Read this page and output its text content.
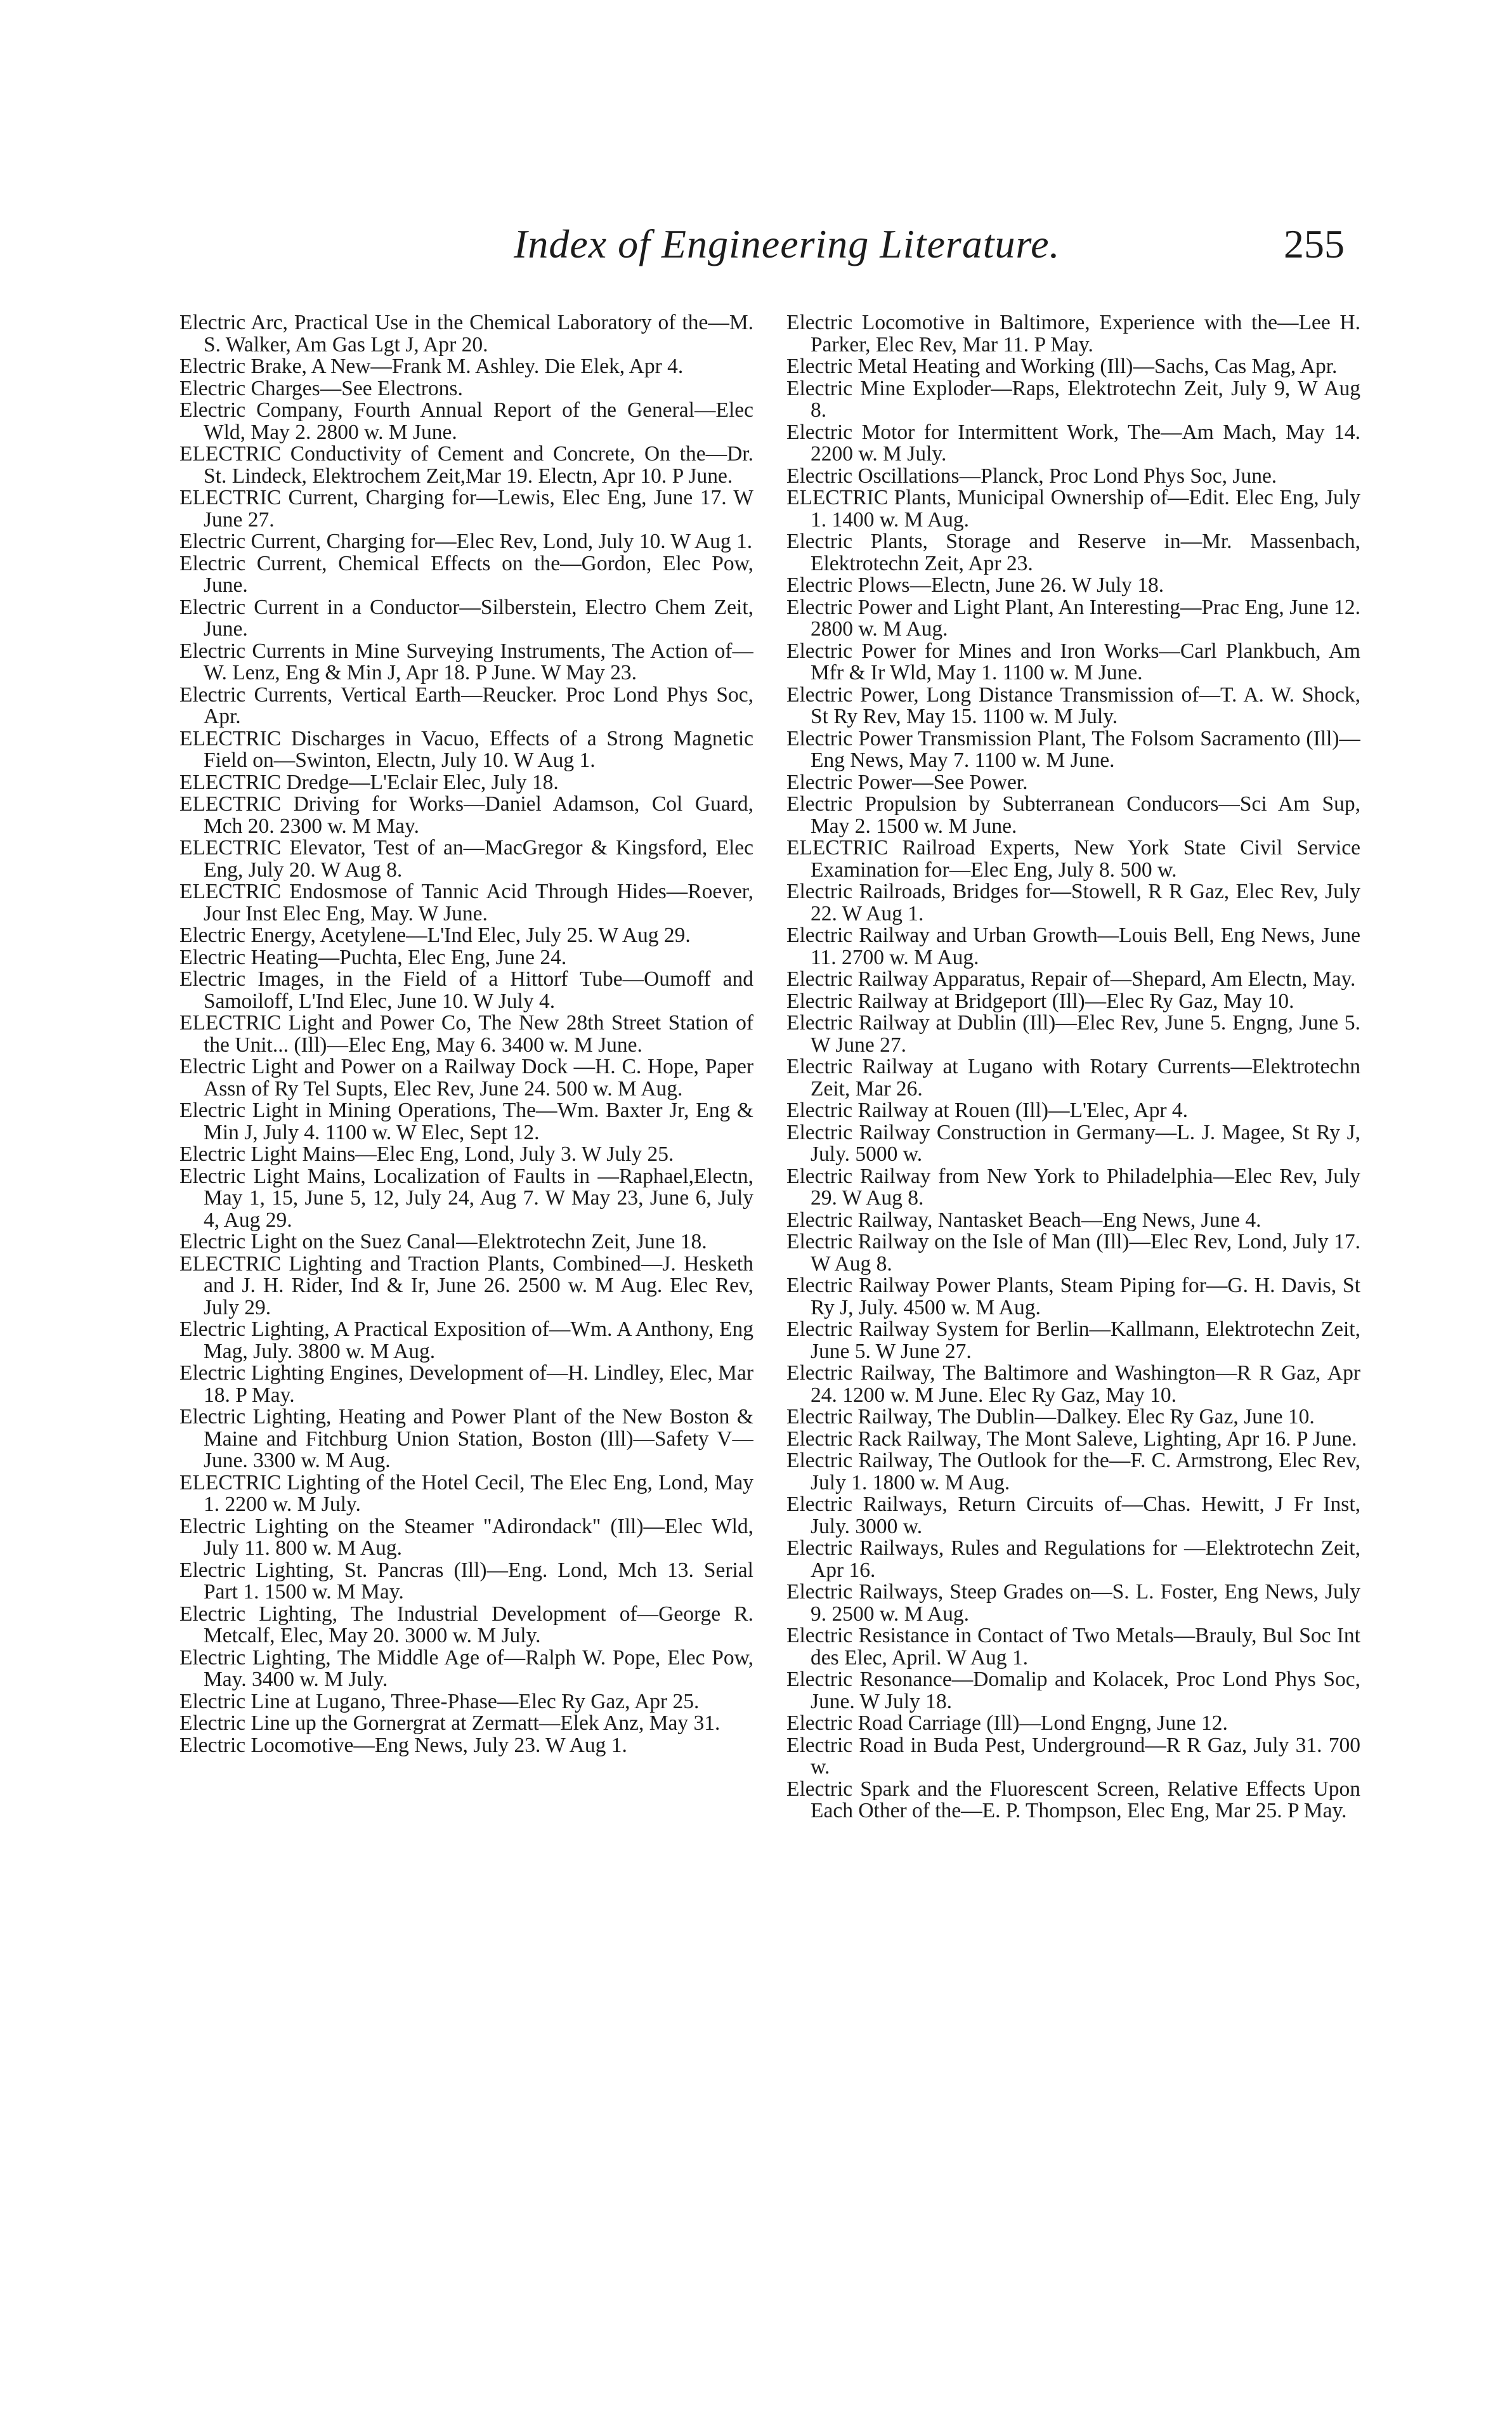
Index of Engineering Literature.	255

Electric Arc, Practical Use in the Chemical Laboratory of the—M. S. Walker, Am Gas Lgt J, Apr 20.

Electric Brake, A New—Frank M. Ashley. Die Elek, Apr 4.

Electric Charges—See Electrons.

Electric Company, Fourth Annual Report of the General—Elec Wld, May 2. 2800 w. M June.

ELECTRIC Conductivity of Cement and Concrete, On the—Dr. St. Lindeck, Elektrochem Zeit,Mar 19. Electn, Apr 10. P June.

ELECTRIC Current, Charging for—Lewis, Elec Eng, June 17. W June 27.

Electric Current, Charging for—Elec Rev, Lond, July 10. W Aug 1.

Electric Current, Chemical Effects on the—Gordon, Elec Pow, June.

Electric Current in a Conductor—Silberstein, Electro Chem Zeit, June.

Electric Currents in Mine Surveying Instruments, The Action of—W. Lenz, Eng & Min J, Apr 18. P June. W May 23.

Electric Currents, Vertical Earth—Reucker. Proc Lond Phys Soc, Apr.

ELECTRIC Discharges in Vacuo, Effects of a Strong Magnetic Field on—Swinton, Electn, July 10. W Aug 1.

ELECTRIC Dredge—L'Eclair Elec, July 18.

ELECTRIC Driving for Works—Daniel Adamson, Col Guard, Mch 20. 2300 w. M May.

ELECTRIC Elevator, Test of an—MacGregor & Kingsford, Elec Eng, July 20. W Aug 8.

ELECTRIC Endosmose of Tannic Acid Through Hides—Roever, Jour Inst Elec Eng, May. W June.

Electric Energy, Acetylene—L'Ind Elec, July 25. W Aug 29.

Electric Heating—Puchta, Elec Eng, June 24.

Electric Images, in the Field of a Hittorf Tube—Oumoff and Samoiloff, L'Ind Elec, June 10. W July 4.

ELECTRIC Light and Power Co, The New 28th Street Station of the Unit... (Ill)—Elec Eng, May 6. 3400 w. M June.

Electric Light and Power on a Railway Dock —H. C. Hope, Paper Assn of Ry Tel Supts, Elec Rev, June 24. 500 w. M Aug.

Electric Light in Mining Operations, The—Wm. Baxter Jr, Eng & Min J, July 4. 1100 w. W Elec, Sept 12.

Electric Light Mains—Elec Eng, Lond, July 3. W July 25.

Electric Light Mains, Localization of Faults in —Raphael,Electn, May 1, 15, June 5, 12, July 24, Aug 7. W May 23, June 6, July 4, Aug 29.

Electric Light on the Suez Canal—Elektrotechn Zeit, June 18.

ELECTRIC Lighting and Traction Plants, Combined—J. Hesketh and J. H. Rider, Ind & Ir, June 26. 2500 w. M Aug. Elec Rev, July 29.

Electric Lighting, A Practical Exposition of—Wm. A Anthony, Eng Mag, July. 3800 w. M Aug.

Electric Lighting Engines, Development of—H. Lindley, Elec, Mar 18. P May.

Electric Lighting, Heating and Power Plant of the New Boston & Maine and Fitchburg Union Station, Boston (Ill)—Safety V—June. 3300 w. M Aug.

ELECTRIC Lighting of the Hotel Cecil, The Elec Eng, Lond, May 1. 2200 w. M July.

Electric Lighting on the Steamer "Adirondack" (Ill)—Elec Wld, July 11. 800 w. M Aug.

Electric Lighting, St. Pancras (Ill)—Eng. Lond, Mch 13. Serial Part 1. 1500 w. M May.

Electric Lighting, The Industrial Development of—George R. Metcalf, Elec, May 20. 3000 w. M July.

Electric Lighting, The Middle Age of—Ralph W. Pope, Elec Pow, May. 3400 w. M July.

Electric Line at Lugano, Three-Phase—Elec Ry Gaz, Apr 25.

Electric Line up the Gornergrat at Zermatt—Elek Anz, May 31.

Electric Locomotive—Eng News, July 23. W Aug 1.

Electric Locomotive in Baltimore, Experience with the—Lee H. Parker, Elec Rev, Mar 11. P May.

Electric Metal Heating and Working (Ill)—Sachs, Cas Mag, Apr.

Electric Mine Exploder—Raps, Elektrotechn Zeit, July 9, W Aug 8.

Electric Motor for Intermittent Work, The—Am Mach, May 14. 2200 w. M July.

Electric Oscillations—Planck, Proc Lond Phys Soc, June.

ELECTRIC Plants, Municipal Ownership of—Edit. Elec Eng, July 1. 1400 w. M Aug.

Electric Plants, Storage and Reserve in—Mr. Massenbach, Elektrotechn Zeit, Apr 23.

Electric Plows—Electn, June 26. W July 18.

Electric Power and Light Plant, An Interesting—Prac Eng, June 12. 2800 w. M Aug.

Electric Power for Mines and Iron Works—Carl Plankbuch, Am Mfr & Ir Wld, May 1. 1100 w. M June.

Electric Power, Long Distance Transmission of—T. A. W. Shock, St Ry Rev, May 15. 1100 w. M July.

Electric Power Transmission Plant, The Folsom Sacramento (Ill)—Eng News, May 7. 1100 w. M June.

Electric Power—See Power.

Electric Propulsion by Subterranean Conducors—Sci Am Sup, May 2. 1500 w. M June.

ELECTRIC Railroad Experts, New York State Civil Service Examination for—Elec Eng, July 8. 500 w.

Electric Railroads, Bridges for—Stowell, R R Gaz, Elec Rev, July 22. W Aug 1.

Electric Railway and Urban Growth—Louis Bell, Eng News, June 11. 2700 w. M Aug.

Electric Railway Apparatus, Repair of—Shepard, Am Electn, May.

Electric Railway at Bridgeport (Ill)—Elec Ry Gaz, May 10.

Electric Railway at Dublin (Ill)—Elec Rev, June 5. Engng, June 5. W June 27.

Electric Railway at Lugano with Rotary Currents—Elektrotechn Zeit, Mar 26.

Electric Railway at Rouen (Ill)—L'Elec, Apr 4.

Electric Railway Construction in Germany—L. J. Magee, St Ry J, July. 5000 w.

Electric Railway from New York to Philadelphia—Elec Rev, July 29. W Aug 8.

Electric Railway, Nantasket Beach—Eng News, June 4.

Electric Railway on the Isle of Man (Ill)—Elec Rev, Lond, July 17. W Aug 8.

Electric Railway Power Plants, Steam Piping for—G. H. Davis, St Ry J, July. 4500 w. M Aug.

Electric Railway System for Berlin—Kallmann, Elektrotechn Zeit, June 5. W June 27.

Electric Railway, The Baltimore and Washington—R R Gaz, Apr 24. 1200 w. M June. Elec Ry Gaz, May 10.

Electric Railway, The Dublin—Dalkey. Elec Ry Gaz, June 10.

Electric Rack Railway, The Mont Saleve, Lighting, Apr 16. P June.

Electric Railway, The Outlook for the—F. C. Armstrong, Elec Rev, July 1. 1800 w. M Aug.

Electric Railways, Return Circuits of—Chas. Hewitt, J Fr Inst, July. 3000 w.

Electric Railways, Rules and Regulations for —Elektrotechn Zeit, Apr 16.

Electric Railways, Steep Grades on—S. L. Foster, Eng News, July 9. 2500 w. M Aug.

Electric Resistance in Contact of Two Metals—Brauly, Bul Soc Int des Elec, April. W Aug 1.

Electric Resonance—Domalip and Kolacek, Proc Lond Phys Soc, June. W July 18.

Electric Road Carriage (Ill)—Lond Engng, June 12.

Electric Road in Buda Pest, Underground—R R Gaz, July 31. 700 w.

Electric Spark and the Fluorescent Screen, Relative Effects Upon Each Other of the—E. P. Thompson, Elec Eng, Mar 25. P May.
